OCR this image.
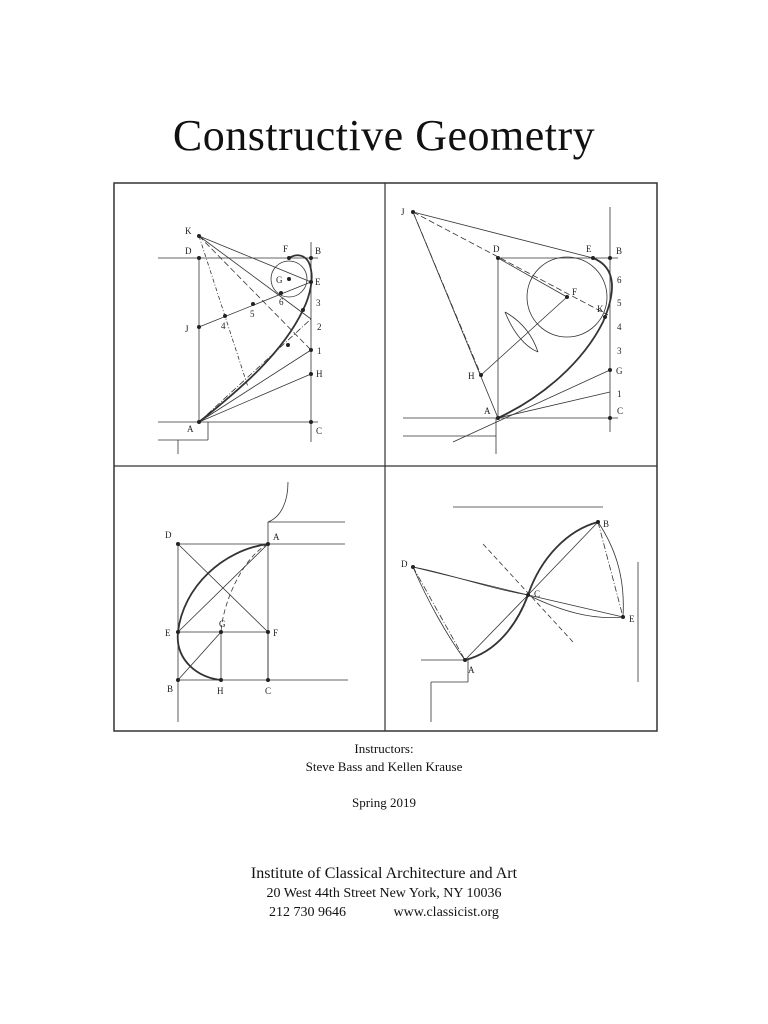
Constructive Geometry
K
D	F	B
G	E
6	3
5
2
J	4
1
H
A	C
J
D	E	B
6
F
5
K
4
3
H	G
1
A	C
D	A
E
G
F
B	H	C
B
D
C
E
A
Instructors:
Steve Bass and Kellen Krause
Spring 2019
Institute of Classical Architecture and Art
20 West 44th Street New York, NY 10036
212 730 9646	www.classicist.org
